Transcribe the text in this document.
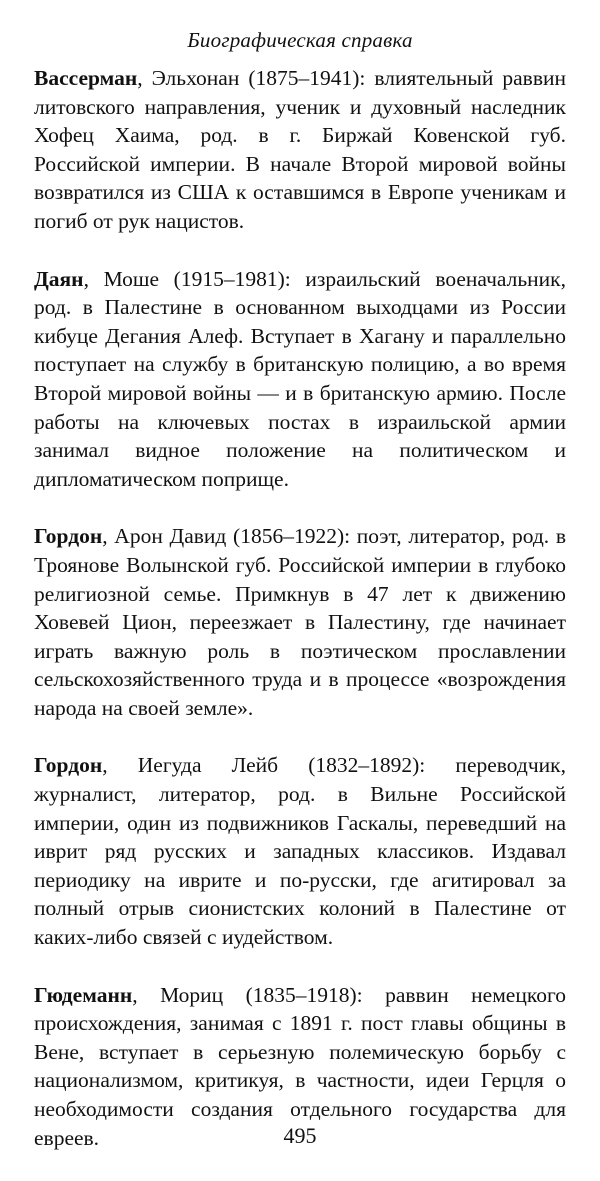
Биографическая справка

Вассерман, Эльхонан (1875–1941): влиятельный раввин литовского направления, ученик и духовный наследник Хофец Хаима, род. в г. Биржай Ковенской губ. Российской империи. В начале Второй мировой войны возвратился из США к оставшимся в Европе ученикам и погиб от рук нацистов.

Даян, Моше (1915–1981): израильский военачальник, род. в Палестине в основанном выходцами из России кибуце Дегания Алеф. Вступает в Хагану и параллельно поступает на службу в британскую полицию, а во время Второй мировой войны — и в британскую армию. После работы на ключевых постах в израильской армии занимал видное положение на политическом и дипломатическом поприще.

Гордон, Арон Давид (1856–1922): поэт, литератор, род. в Троянове Волынской губ. Российской империи в глубоко религиозной семье. Примкнув в 47 лет к движению Ховевей Цион, переезжает в Палестину, где начинает играть важную роль в поэтическом прославлении сельскохозяйственного труда и в процессе «возрождения народа на своей земле».

Гордон, Иегуда Лейб (1832–1892): переводчик, журналист, литератор, род. в Вильне Российской империи, один из подвижников Гаскалы, переведший на иврит ряд русских и западных классиков. Издавал периодику на иврите и по-русски, где агитировал за полный отрыв сионистских колоний в Палестине от каких-либо связей с иудейством.

Гюдеманн, Мориц (1835–1918): раввин немецкого происхождения, занимая с 1891 г. пост главы общины в Вене, вступает в серьезную полемическую борьбу с национализмом, критикуя, в частности, идеи Герцля о необходимости создания отдельного государства для евреев.	495
